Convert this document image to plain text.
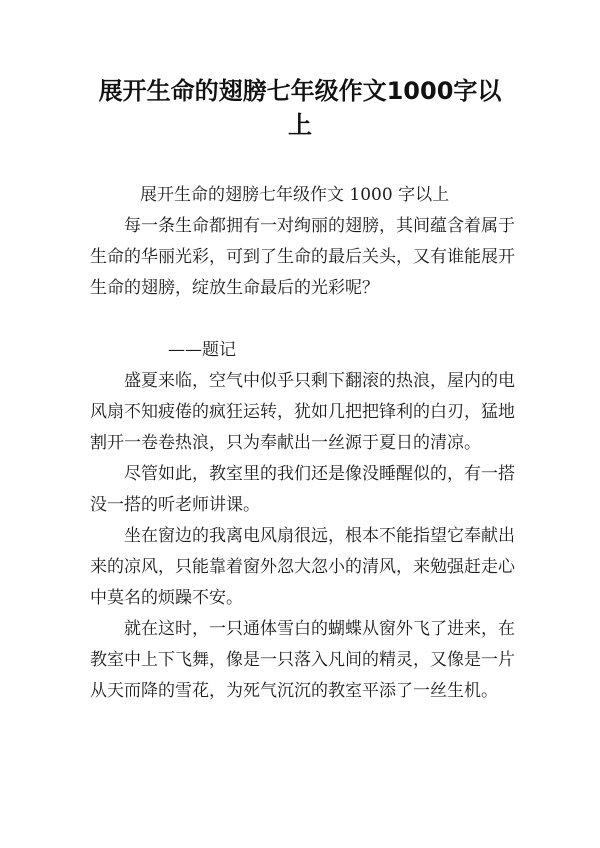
展开生命的翅膀七年级作文1000字以上

展开生命的翅膀七年级作文 1000 字以上

每一条生命都拥有一对绚丽的翅膀，其间蕴含着属于生命的华丽光彩，可到了生命的最后关头，又有谁能展开生命的翅膀，绽放生命最后的光彩呢？

——题记

盛夏来临，空气中似乎只剩下翻滚的热浪，屋内的电风扇不知疲倦的疯狂运转，犹如几把把锋利的白刃，猛地割开一卷卷热浪，只为奉献出一丝源于夏日的清凉。

尽管如此，教室里的我们还是像没睡醒似的，有一搭没一搭的听老师讲课。

坐在窗边的我离电风扇很远，根本不能指望它奉献出来的凉风，只能靠着窗外忽大忽小的清风，来勉强赶走心中莫名的烦躁不安。

就在这时，一只通体雪白的蝴蝶从窗外飞了进来，在教室中上下飞舞，像是一只落入凡间的精灵，又像是一片从天而降的雪花，为死气沉沉的教室平添了一丝生机。
